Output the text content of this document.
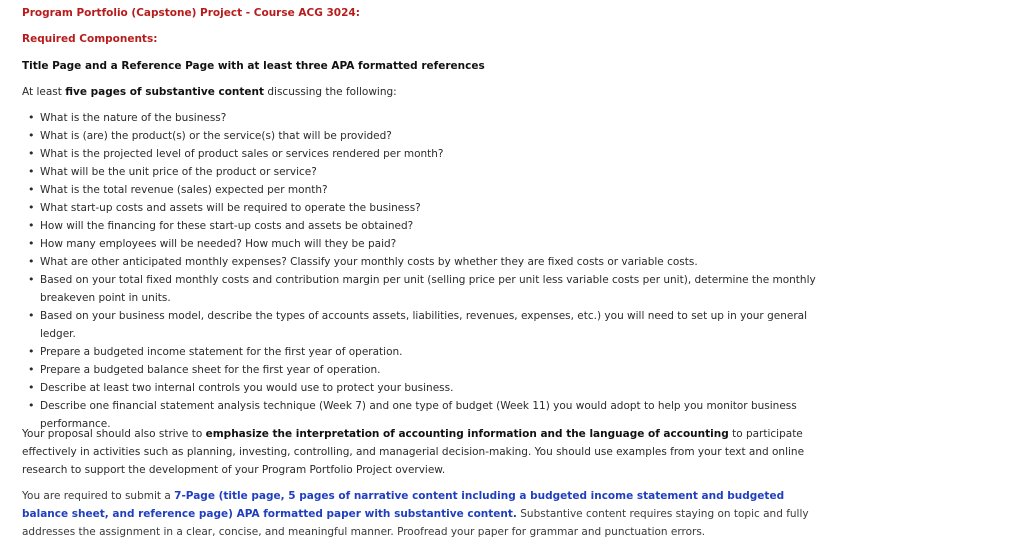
Program Portfolio (Capstone) Project - Course ACG 3024:
Required Components:
Title Page and a Reference Page with at least three APA formatted references
At least five pages of substantive content discussing the following:
• What is the nature of the business?
• What is (are) the product(s) or the service(s) that will be provided?
• What is the projected level of product sales or services rendered per month?
• What will be the unit price of the product or service?
• What is the total revenue (sales) expected per month?
• What start-up costs and assets will be required to operate the business?
• How will the financing for these start-up costs and assets be obtained?
• How many employees will be needed? How much will they be paid?
• What are other anticipated monthly expenses? Classify your monthly costs by whether they are fixed costs or variable costs.
• Based on your total fixed monthly costs and contribution margin per unit (selling price per unit less variable costs per unit), determine the monthly breakeven point in units.
• Based on your business model, describe the types of accounts assets, liabilities, revenues, expenses, etc.) you will need to set up in your general ledger.
• Prepare a budgeted income statement for the first year of operation.
• Prepare a budgeted balance sheet for the first year of operation.
• Describe at least two internal controls you would use to protect your business.
• Describe one financial statement analysis technique (Week 7) and one type of budget (Week 11) you would adopt to help you monitor business performance.
Your proposal should also strive to emphasize the interpretation of accounting information and the language of accounting to participate effectively in activities such as planning, investing, controlling, and managerial decision-making. You should use examples from your text and online research to support the development of your Program Portfolio Project overview.
You are required to submit a 7-Page (title page, 5 pages of narrative content including a budgeted income statement and budgeted balance sheet, and reference page) APA formatted paper with substantive content. Substantive content requires staying on topic and fully addresses the assignment in a clear, concise, and meaningful manner. Proofread your paper for grammar and punctuation errors.
